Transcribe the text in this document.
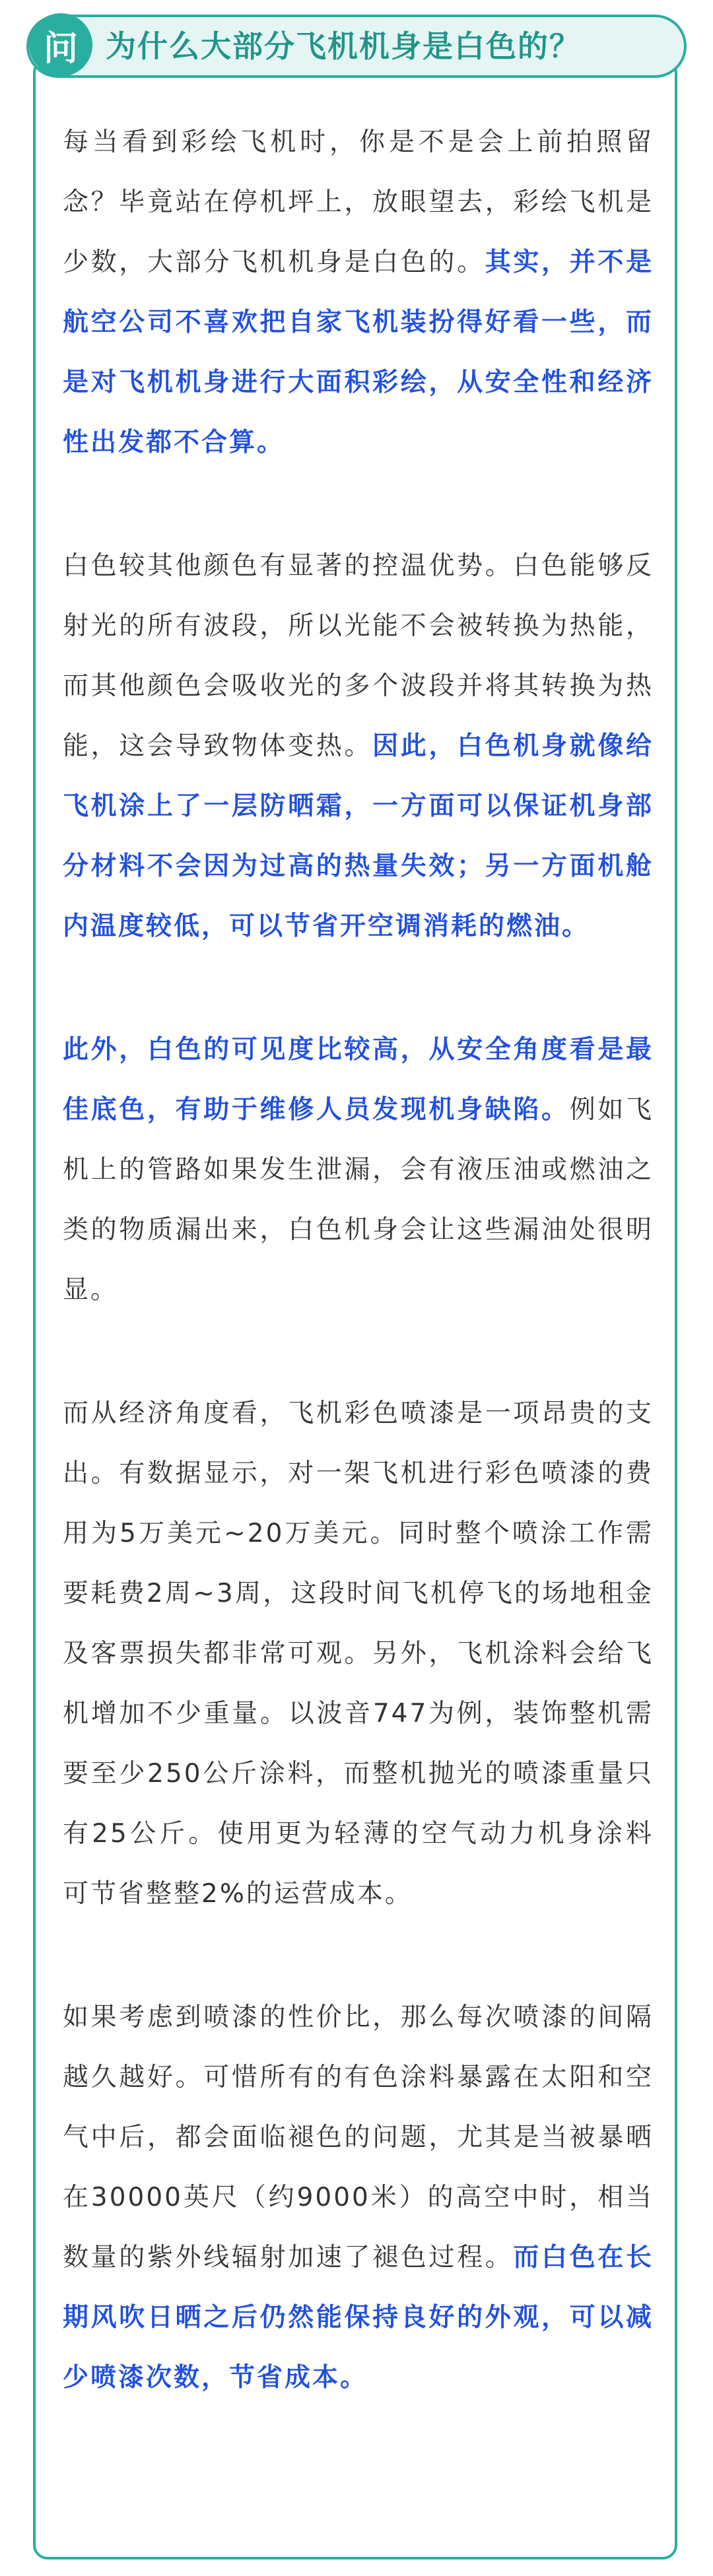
问 为什么大部分飞机机身是白色的？

每当看到彩绘飞机时，你是不是会上前拍照留念？毕竟站在停机坪上，放眼望去，彩绘飞机是少数，大部分飞机机身是白色的。其实，并不是航空公司不喜欢把自家飞机装扮得好看一些，而是对飞机机身进行大面积彩绘，从安全性和经济性出发都不合算。

白色较其他颜色有显著的控温优势。白色能够反射光的所有波段，所以光能不会被转换为热能，而其他颜色会吸收光的多个波段并将其转换为热能，这会导致物体变热。因此，白色机身就像给飞机涂上了一层防晒霜，一方面可以保证机身部分材料不会因为过高的热量失效；另一方面机舱内温度较低，可以节省开空调消耗的燃油。

此外，白色的可见度比较高，从安全角度看是最佳底色，有助于维修人员发现机身缺陷。例如飞机上的管路如果发生泄漏，会有液压油或燃油之类的物质漏出来，白色机身会让这些漏油处很明显。

而从经济角度看，飞机彩色喷漆是一项昂贵的支出。有数据显示，对一架飞机进行彩色喷漆的费用为5万美元~20万美元。同时整个喷涂工作需要耗费2周~3周，这段时间飞机停飞的场地租金及客票损失都非常可观。另外，飞机涂料会给飞机增加不少重量。以波音747为例，装饰整机需要至少250公斤涂料，而整机抛光的喷漆重量只有25公斤。使用更为轻薄的空气动力机身涂料可节省整整2%的运营成本。

如果考虑到喷漆的性价比，那么每次喷漆的间隔越久越好。可惜所有的有色涂料暴露在太阳和空气中后，都会面临褪色的问题，尤其是当被暴晒在30000英尺（约9000米）的高空中时，相当数量的紫外线辐射加速了褪色过程。而白色在长期风吹日晒之后仍然能保持良好的外观，可以减少喷漆次数，节省成本。
